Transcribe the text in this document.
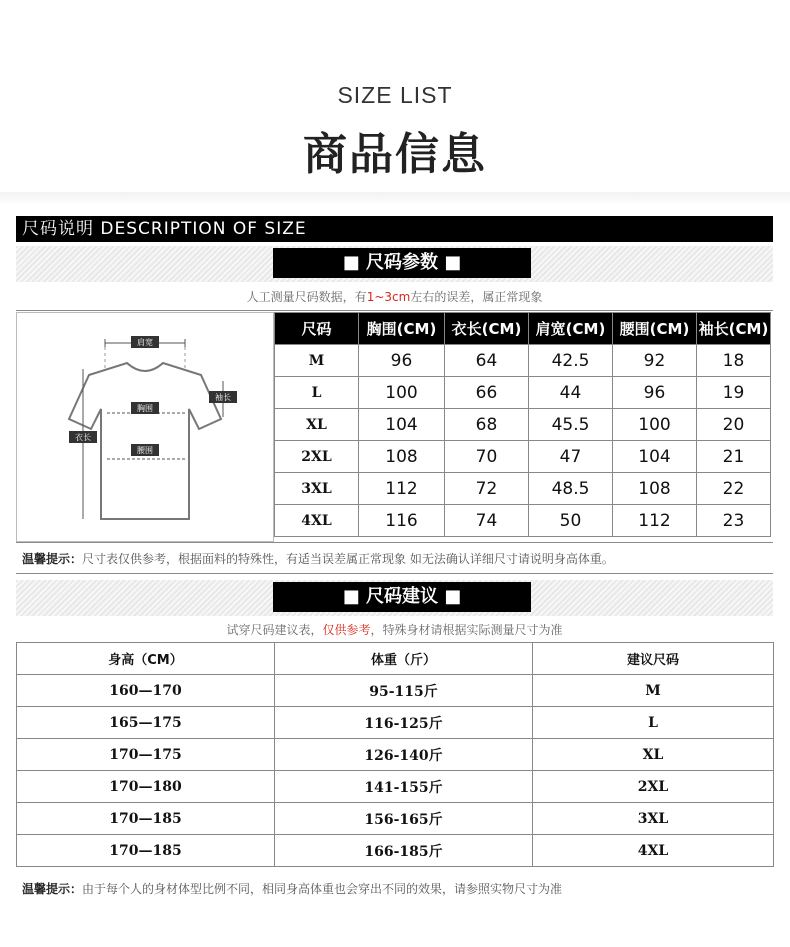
SIZE LIST
商品信息
尺码说明 DESCRIPTION OF SIZE
■ 尺码参数 ■
人工测量尺码数据，有1~3cm左右的误差，属正常现象
肩宽
胸围
腰围
袖长
衣长
尺码	胸围(CM)	衣长(CM)	肩宽(CM)	腰围(CM)	袖长(CM)
M	96	64	42.5	92	18
L	100	66	44	96	19
XL	104	68	45.5	100	20
2XL	108	70	47	104	21
3XL	112	72	48.5	108	22
4XL	116	74	50	112	23
温馨提示：尺寸表仅供参考，根据面料的特殊性，有适当误差属正常现象 如无法确认详细尺寸请说明身高体重。
■ 尺码建议 ■
试穿尺码建议表，仅供参考，特殊身材请根据实际测量尺寸为准
身高（CM）	体重（斤）	建议尺码
160—170	95-115斤	M
165—175	116-125斤	L
170—175	126-140斤	XL
170—180	141-155斤	2XL
170—185	156-165斤	3XL
170—185	166-185斤	4XL
温馨提示：由于每个人的身材体型比例不同，相同身高体重也会穿出不同的效果，请参照实物尺寸为准
